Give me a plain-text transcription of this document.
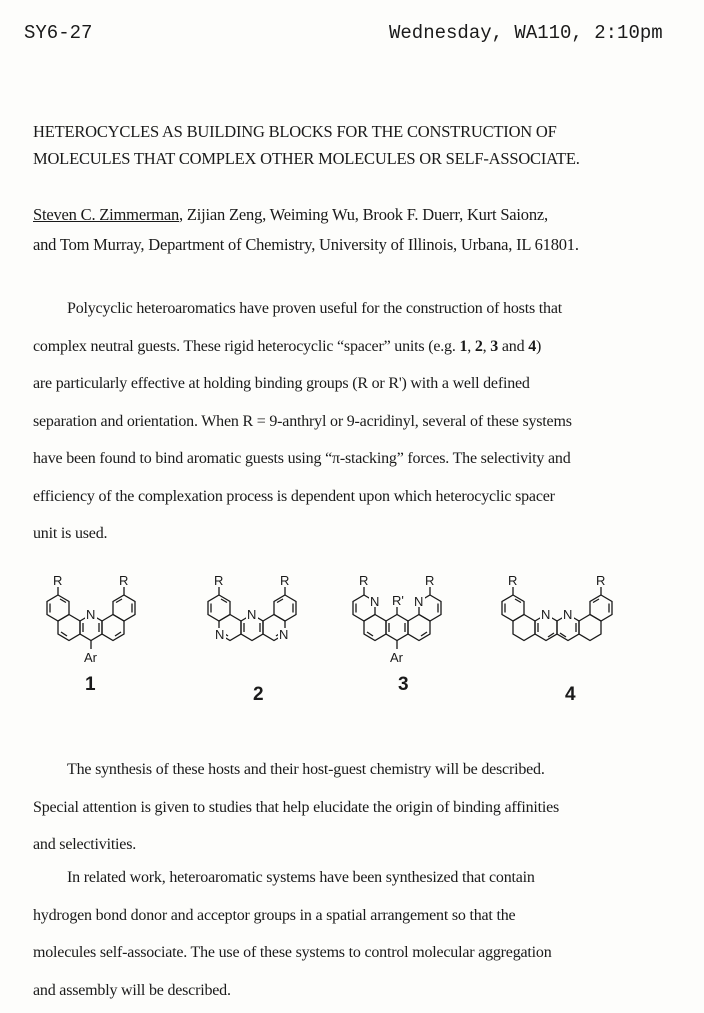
SY6-27	Wednesday, WA110, 2:10pm
HETEROCYCLES AS BUILDING BLOCKS FOR THE CONSTRUCTION OF
MOLECULES THAT COMPLEX OTHER MOLECULES OR SELF-ASSOCIATE.
Steven C. Zimmerman, Zijian Zeng, Weiming Wu, Brook F. Duerr, Kurt Saionz,
and Tom Murray, Department of Chemistry, University of Illinois, Urbana, IL 61801.
Polycyclic heteroaromatics have proven useful for the construction of hosts that
complex neutral guests. These rigid heterocyclic “spacer” units (e.g. 1, 2, 3 and 4)
are particularly effective at holding binding groups (R or R') with a well defined
separation and orientation. When R = 9-anthryl or 9-acridinyl, several of these systems
have been found to bind aromatic guests using “π-stacking” forces. The selectivity and
efficiency of the complexation process is dependent upon which heterocyclic spacer
unit is used.
N
R	R
Ar
1
N
N	N
R	R
2
N R' N
R	R
Ar
3
N N
R	R
4
The synthesis of these hosts and their host-guest chemistry will be described.
Special attention is given to studies that help elucidate the origin of binding affinities
and selectivities.
In related work, heteroaromatic systems have been synthesized that contain
hydrogen bond donor and acceptor groups in a spatial arrangement so that the
molecules self-associate. The use of these systems to control molecular aggregation
and assembly will be described.
